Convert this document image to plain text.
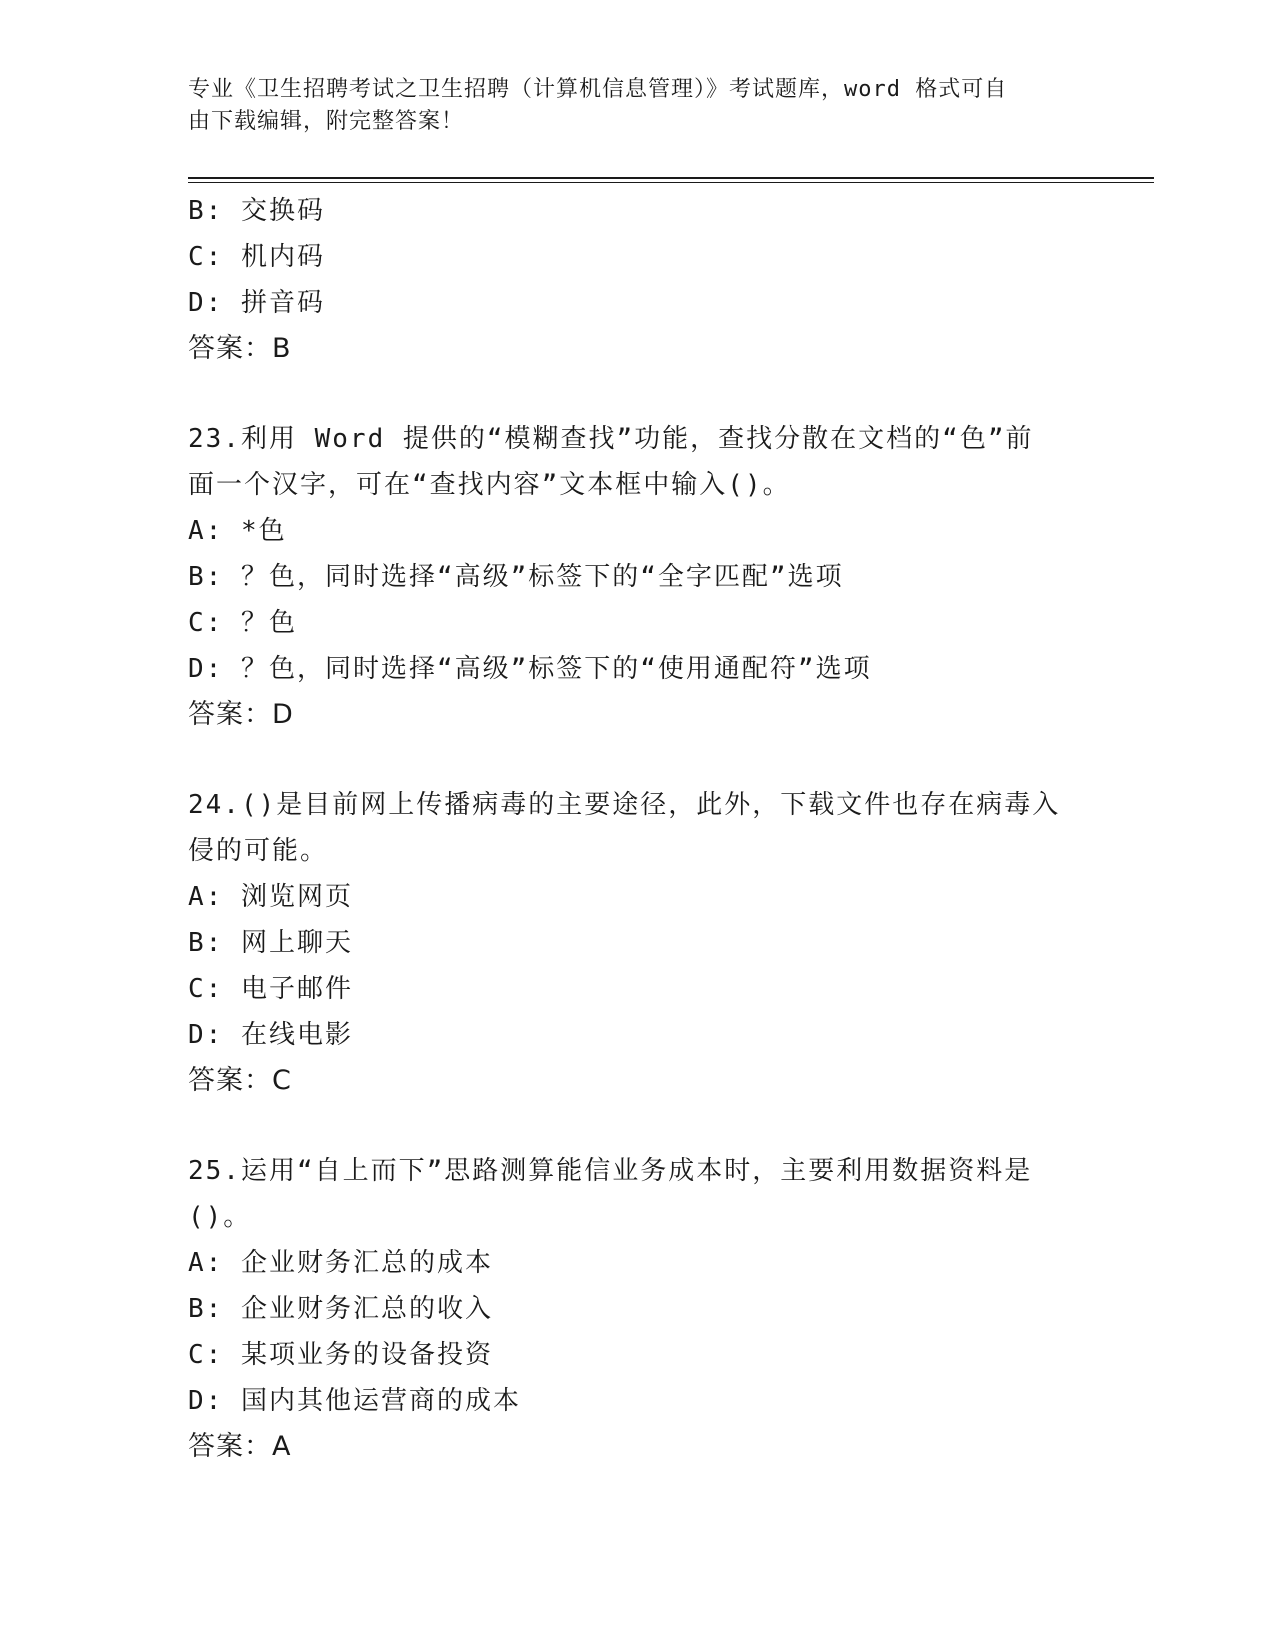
专业《卫生招聘考试之卫生招聘（计算机信息管理）》考试题库，word 格式可自
由下载编辑，附完整答案！
B: 交换码
C: 机内码
D: 拼音码
答案：B
23.利用 Word 提供的“模糊查找”功能，查找分散在文档的“色”前
面一个汉字，可在“查找内容”文本框中输入()。
A: *色
B: ？色，同时选择“高级”标签下的“全字匹配”选项
C: ？色
D: ？色，同时选择“高级”标签下的“使用通配符”选项
答案：D
24.()是目前网上传播病毒的主要途径，此外，下载文件也存在病毒入
侵的可能。
A: 浏览网页
B: 网上聊天
C: 电子邮件
D: 在线电影
答案：C
25.运用“自上而下”思路测算能信业务成本时，主要利用数据资料是
()。
A: 企业财务汇总的成本
B: 企业财务汇总的收入
C: 某项业务的设备投资
D: 国内其他运营商的成本
答案：A
